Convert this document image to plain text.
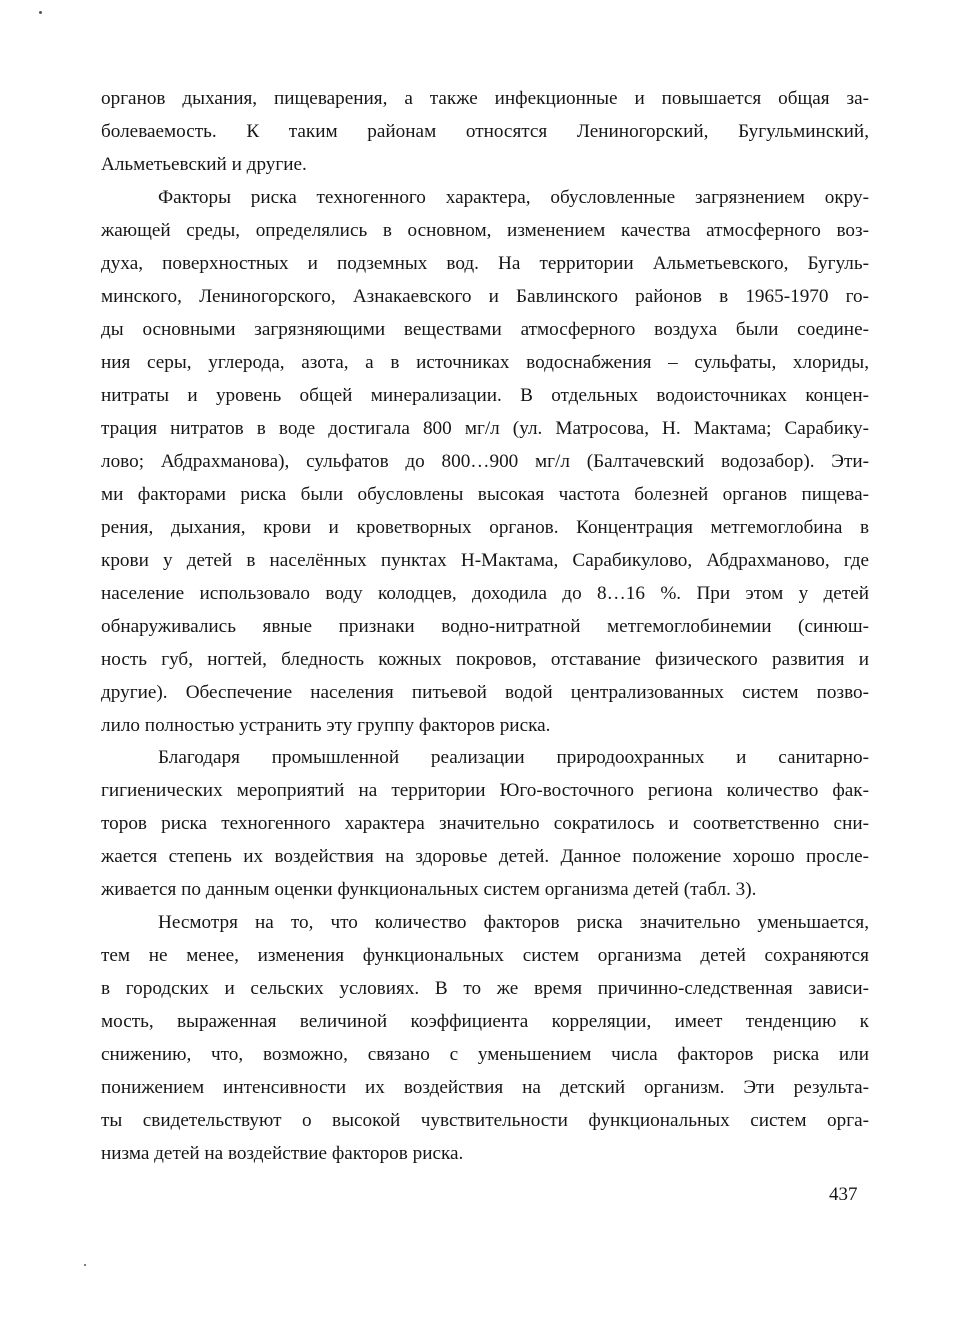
органов дыхания, пищеварения, а также инфекционные и повышается общая за-
болеваемость. К таким районам относятся Лениногорский, Бугульминский,
Альметьевский и другие.

Факторы риска техногенного характера, обусловленные загрязнением окру-
жающей среды, определялись в основном, изменением качества атмосферного воз-
духа, поверхностных и подземных вод. На территории Альметьевского, Бугуль-
минского, Лениногорского, Азнакаевского и Бавлинского районов в 1965-1970 го-
ды основными загрязняющими веществами атмосферного воздуха были соедине-
ния серы, углерода, азота, а в источниках водоснабжения – сульфаты, хлориды,
нитраты и уровень общей минерализации. В отдельных водоисточниках концен-
трация нитратов в воде достигала 800 мг/л (ул. Матросова, Н. Мактама; Сарабику-
лово; Абдрахманова), сульфатов до 800…900 мг/л (Балтачевский водозабор). Эти-
ми факторами риска были обусловлены высокая частота болезней органов пищева-
рения, дыхания, крови и кроветворных органов. Концентрация метгемоглобина в
крови у детей в населённых пунктах Н-Мактама, Сарабикулово, Абдрахманово, где
население использовало воду колодцев, доходила до 8…16 %. При этом у детей
обнаруживались явные признаки водно-нитратной метгемоглобинемии (синюш-
ность губ, ногтей, бледность кожных покровов, отставание физического развития и
другие). Обеспечение населения питьевой водой централизованных систем позво-
лило полностью устранить эту группу факторов риска.

Благодаря промышленной реализации природоохранных и санитарно-
гигиенических мероприятий на территории Юго-восточного региона количество фак-
торов риска техногенного характера значительно сократилось и соответственно сни-
жается степень их воздействия на здоровье детей. Данное положение хорошо просле-
живается по данным оценки функциональных систем организма детей (табл. 3).

Несмотря на то, что количество факторов риска значительно уменьшается,
тем не менее, изменения функциональных систем организма детей сохраняются
в городских и сельских условиях. В то же время причинно-следственная зависи-
мость, выраженная величиной коэффициента корреляции, имеет тенденцию к
снижению, что, возможно, связано с уменьшением числа факторов риска или
понижением интенсивности их воздействия на детский организм. Эти результа-
ты свидетельствуют о высокой чувствительности функциональных систем орга-
низма детей на воздействие факторов риска.

437
